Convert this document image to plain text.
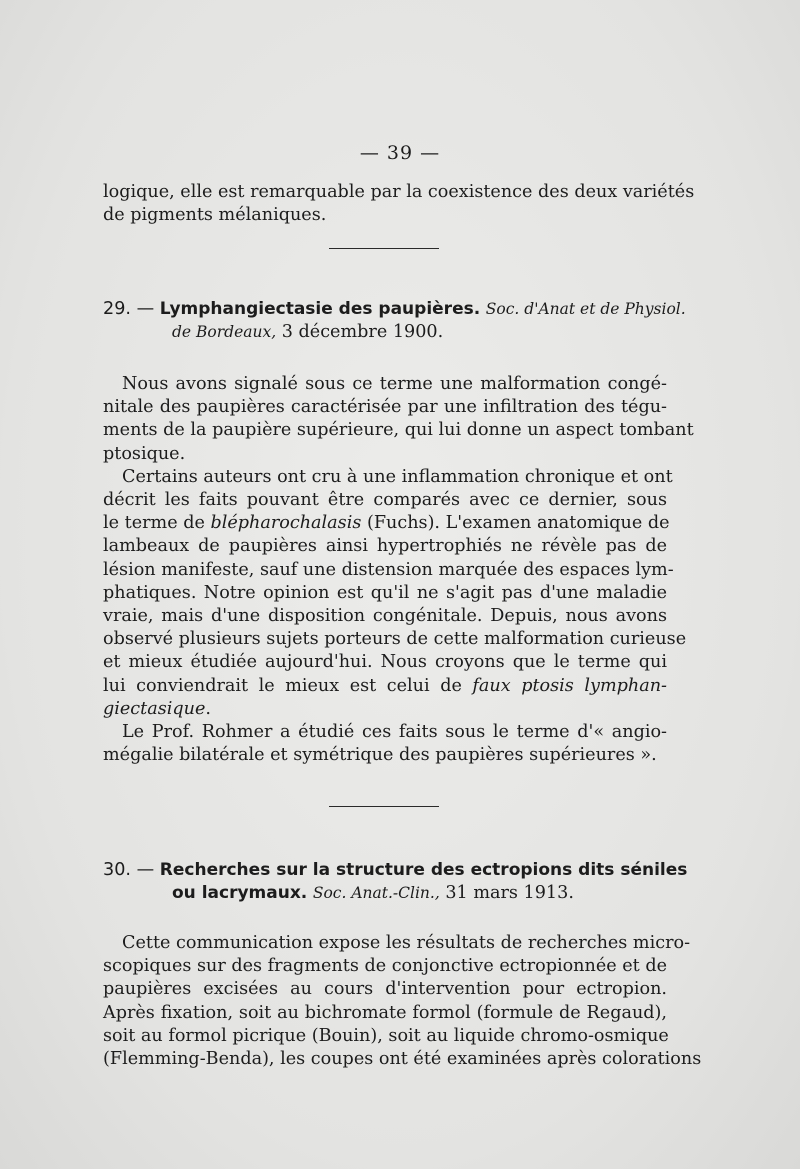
— 39 —
logique, elle est remarquable par la coexistence des deux variétés
de pigments mélaniques.
29. — Lymphangiectasie des paupières. Soc. d'Anat et de Physiol.
de Bordeaux, 3 décembre 1900.
Nous avons signalé sous ce terme une malformation congé-
nitale des paupières caractérisée par une infiltration des tégu-
ments de la paupière supérieure, qui lui donne un aspect tombant
ptosique.
Certains auteurs ont cru à une inflammation chronique et ont
décrit les faits pouvant être comparés avec ce dernier, sous
le terme de blépharochalasis (Fuchs). L'examen anatomique de
lambeaux de paupières ainsi hypertrophiés ne révèle pas de
lésion manifeste, sauf une distension marquée des espaces lym-
phatiques. Notre opinion est qu'il ne s'agit pas d'une maladie
vraie, mais d'une disposition congénitale. Depuis, nous avons
observé plusieurs sujets porteurs de cette malformation curieuse
et mieux étudiée aujourd'hui. Nous croyons que le terme qui
lui conviendrait le mieux est celui de faux ptosis lymphan-
giectasique.
Le Prof. Rohmer a étudié ces faits sous le terme d'« angio-
mégalie bilatérale et symétrique des paupières supérieures ».
30. — Recherches sur la structure des ectropions dits séniles
ou lacrymaux. Soc. Anat.-Clin., 31 mars 1913.
Cette communication expose les résultats de recherches micro-
scopiques sur des fragments de conjonctive ectropionnée et de
paupières excisées au cours d'intervention pour ectropion.
Après fixation, soit au bichromate formol (formule de Regaud),
soit au formol picrique (Bouin), soit au liquide chromo-osmique
(Flemming-Benda), les coupes ont été examinées après colorations
